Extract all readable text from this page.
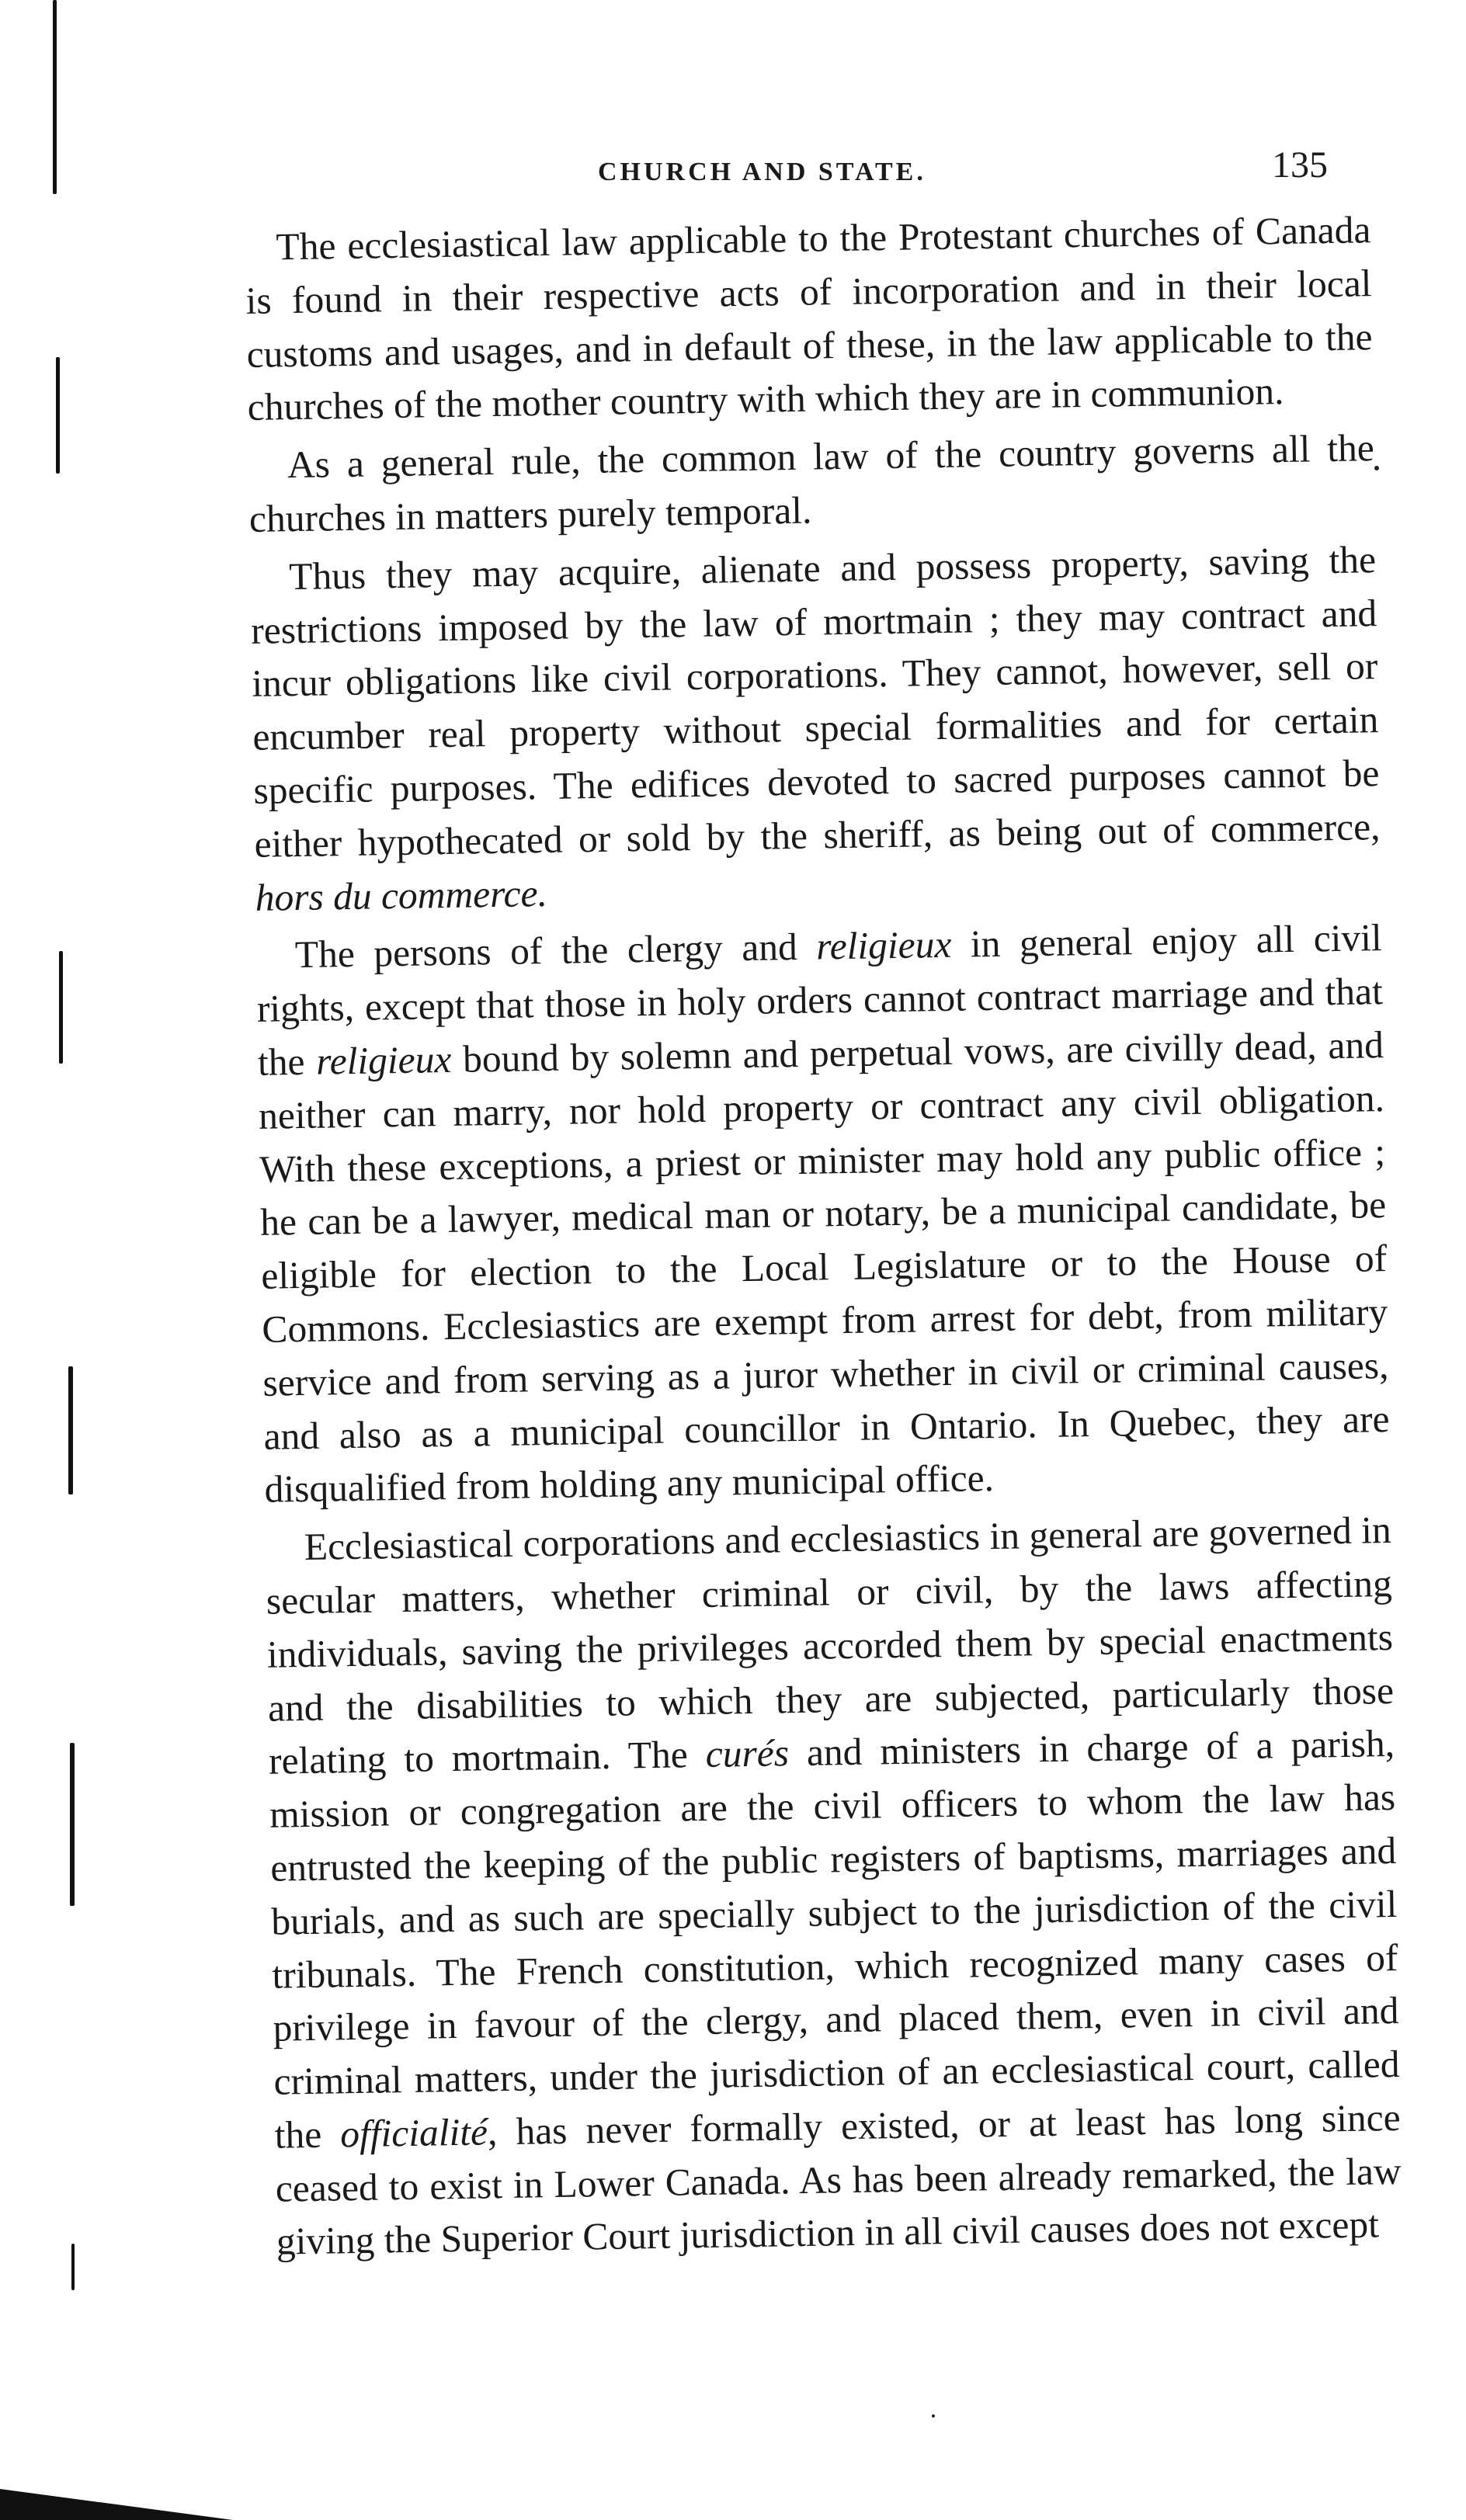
CHURCH AND STATE.	135

The ecclesiastical law applicable to the Protestant churches of Canada is found in their respective acts of incorporation and in their local customs and usages, and in default of these, in the law applicable to the churches of the mother country with which they are in communion.

As a general rule, the common law of the country governs all the churches in matters purely temporal.

Thus they may acquire, alienate and possess property, saving the restrictions imposed by the law of mortmain ; they may contract and incur obligations like civil corporations. They cannot, however, sell or encumber real property without special formalities and for certain specific purposes. The edifices devoted to sacred purposes cannot be either hypothecated or sold by the sheriff, as being out of commerce, hors du commerce.

The persons of the clergy and religieux in general enjoy all civil rights, except that those in holy orders cannot contract marriage and that the religieux bound by solemn and perpetual vows, are civilly dead, and neither can marry, nor hold property or contract any civil obligation. With these exceptions, a priest or minister may hold any public office ; he can be a lawyer, medical man or notary, be a municipal candidate, be eligible for election to the Local Legislature or to the House of Commons. Ecclesiastics are exempt from arrest for debt, from military service and from serving as a juror whether in civil or criminal causes, and also as a municipal councillor in Ontario. In Quebec, they are disqualified from holding any municipal office.

Ecclesiastical corporations and ecclesiastics in general are governed in secular matters, whether criminal or civil, by the laws affecting individuals, saving the privileges accorded them by special enactments and the disabilities to which they are subjected, particularly those relating to mortmain. The curés and ministers in charge of a parish, mission or congregation are the civil officers to whom the law has entrusted the keeping of the public registers of baptisms, marriages and burials, and as such are specially subject to the jurisdiction of the civil tribunals. The French constitution, which recognized many cases of privilege in favour of the clergy, and placed them, even in civil and criminal matters, under the jurisdiction of an ecclesiastical court, called the officialité, has never formally existed, or at least has long since ceased to exist in Lower Canada. As has been already remarked, the law giving the Superior Court jurisdiction in all civil causes does not except
